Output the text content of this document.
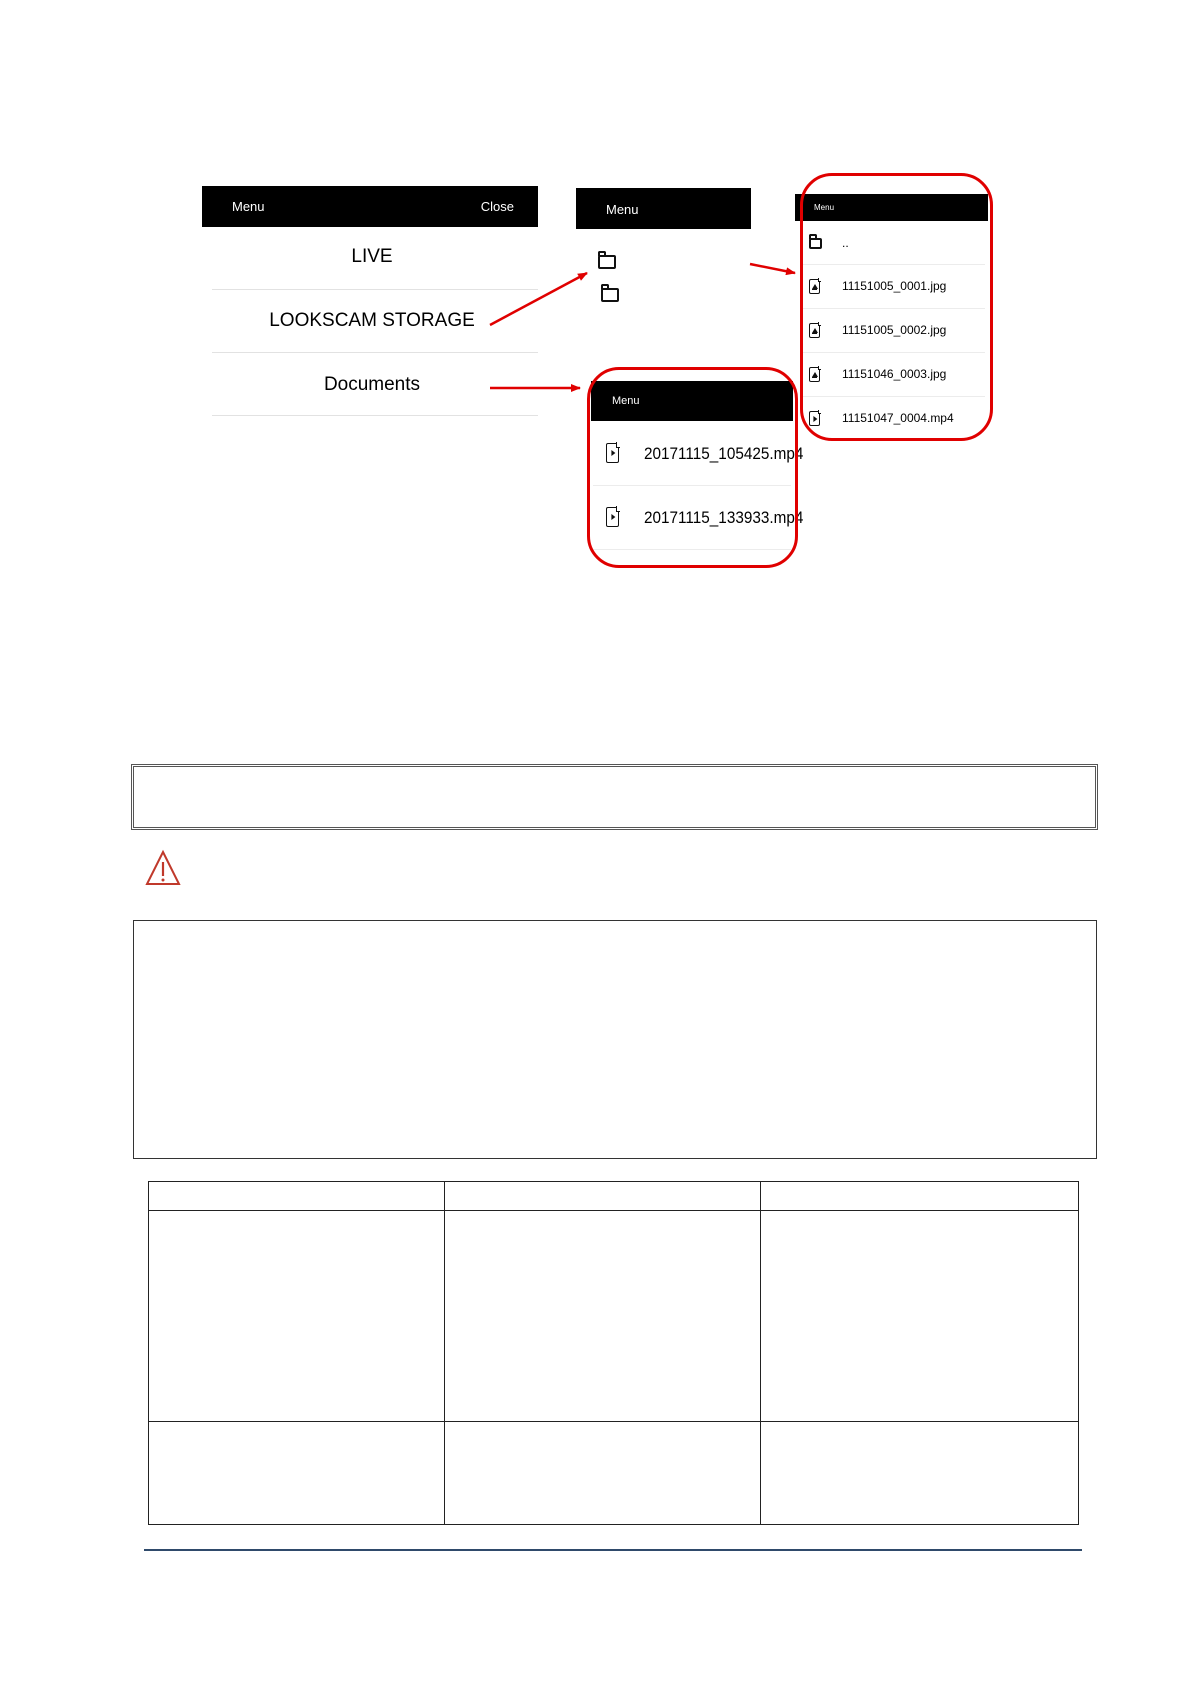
Menu	Close
LIVE
LOOKSCAM STORAGE
Documents
Menu	Menu
..
11151005_0001.jpg
11151005_0002.jpg
11151046_0003.jpg
11151047_0004.mp4
Menu
20171115_105425.mp4
20171115_133933.mp4
